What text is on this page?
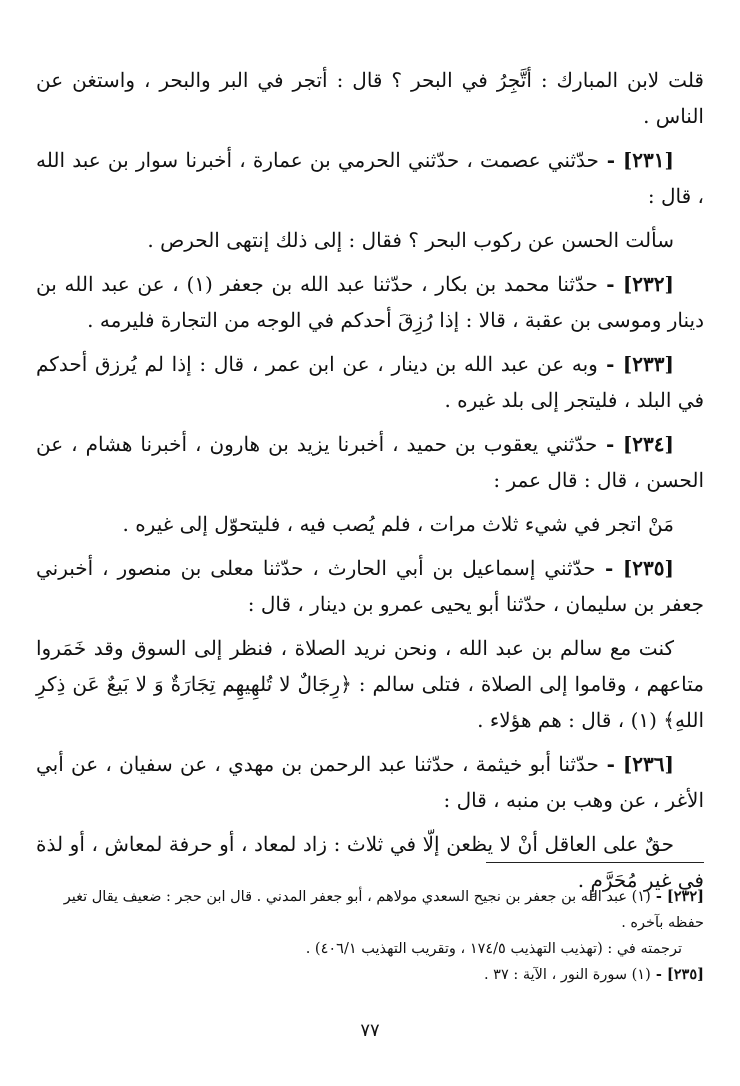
قلت لابن المبارك : أتَّجِرُ في البحر ؟ قال : أتجر في البر والبحر ، واستغن عن الناس .

[٢٣١] - حدّثني عصمت ، حدّثني الحرمي بن عمارة ، أخبرنا سوار بن عبد الله ، قال :

سألت الحسن عن ركوب البحر ؟ فقال : إلى ذلك إنتهى الحرص .

[٢٣٢] - حدّثنا محمد بن بكار ، حدّثنا عبد الله بن جعفر (١) ، عن عبد الله بن دينار وموسى بن عقبة ، قالا : إذا رُزِقَ أحدكم في الوجه من التجارة فليرمه .

[٢٣٣] - وبه عن عبد الله بن دينار ، عن ابن عمر ، قال : إذا لم يُرزق أحدكم في البلد ، فليتجر إلى بلد غيره .

[٢٣٤] - حدّثني يعقوب بن حميد ، أخبرنا يزيد بن هارون ، أخبرنا هشام ، عن الحسن ، قال : قال عمر :

مَنْ اتجر في شيء ثلاث مرات ، فلم يُصب فيه ، فليتحوّل إلى غيره .

[٢٣٥] - حدّثني إسماعيل بن أبي الحارث ، حدّثنا معلى بن منصور ، أخبرني جعفر بن سليمان ، حدّثنا أبو يحيى عمرو بن دينار ، قال :

كنت مع سالم بن عبد الله ، ونحن نريد الصلاة ، فنظر إلى السوق وقد خَمَروا متاعهم ، وقاموا إلى الصلاة ، فتلى سالم : ﴿رِجَالٌ لا تُلهِيهِم تِجَارَةٌ وَ لا بَيعٌ عَن ذِكرِ اللهِ﴾ (١) ، قال : هم هؤلاء .

[٢٣٦] - حدّثنا أبو خيثمة ، حدّثنا عبد الرحمن بن مهدي ، عن سفيان ، عن أبي الأغر ، عن وهب بن منبه ، قال :

حقٌ على العاقل أنْ لا يظعن إلّا في ثلاث : زاد لمعاد ، أو حرفة لمعاش ، أو لذة في غير مُحَرَّمٍ .

[٢٣٢] - (١) عبد الله بن جعفر بن نجيح السعدي مولاهم ، أبو جعفر المدني . قال ابن حجر : ضعيف يقال تغير حفظه بآخره .

ترجمته في : (تهذيب التهذيب ١٧٤/٥ ، وتقريب التهذيب ٤٠٦/١) .

[٢٣٥] - (١) سورة النور ، الآية : ٣٧ .

٧٧
